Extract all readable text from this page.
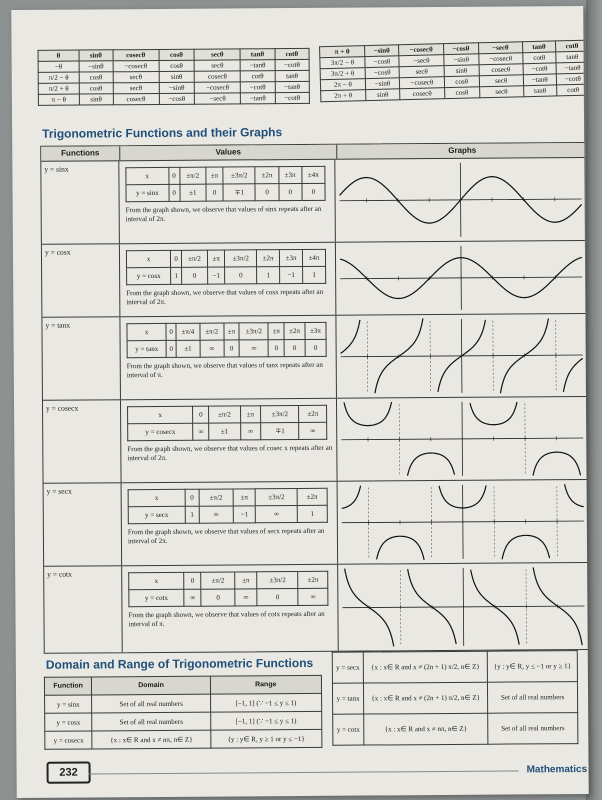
θ	sinθ	cosecθ	cosθ	secθ	tanθ	cotθ
−θ	−sinθ	−cosecθ	cosθ	secθ	−tanθ	−cotθ
π/2 − θ	cosθ	secθ	sinθ	cosecθ	cotθ	tanθ
π/2 + θ	cosθ	secθ	−sinθ	−cosecθ	−cotθ	−tanθ
π − θ	sinθ	cosecθ	−cosθ	−secθ	−tanθ	−cotθ
π + θ	−sinθ	−cosecθ	−cosθ	−secθ	tanθ	cotθ
3π/2 − θ	−cosθ	−secθ	−sinθ	−cosecθ	cotθ	tanθ
3π/2 + θ	−cosθ	secθ	sinθ	cosecθ	−cotθ	−tanθ
2π − θ	−sinθ	−cosecθ	cosθ	secθ	−tanθ	−cotθ
2π + θ	sinθ	cosecθ	cosθ	secθ	tanθ	cotθ
Trigonometric Functions and their Graphs
Functions	Values	Graphs
y = sinx
x	0	±π/2	±π	±3π/2	±2π	±3π	±4π
y = sinx	0	±1	0	∓1	0	0	0
From the graph shown, we observe that values of sinx repeats after an interval of 2π.
y = cosx
x	0	±π/2	±π	±3π/2	±2π	±3π	±4π
y = cosx	1	0	−1	0	1	−1	1
From the graph shown, we observe that values of cosx repeats after an interval of 2π.
y = tanx
x	0	±π/4	±π/2	±π	±3π/2	±π	±2π	±3π
y = tanx	0	±1	∞	0	∞	0	0	0
From the graph shown, we observe that values of tanx repeats after an interval of π.
y = cosecx
x	0	±π/2	±π	±3π/2	±2π
y = cosecx	∞	±1	∞	∓1	∞
From the graph shown, we observe that values of cosec x repeats after an interval of 2π.
y = secx
x	0	±π/2	±π	±3π/2	±2π
y = secx	1	∞	−1	∞	1
From the graph shown, we observe that values of secx repeats after an interval of 2π.
y = cotx
x	0	±π/2	±π	±3π/2	±2π
y = cotx	∞	0	∞	0	∞
From the graph shown, we observe that values of cotx repeats after an interval of π.
Domain and Range of Trigonometric Functions
Function	Domain	Range
y = sinx	Set of all real numbers	[−1, 1] (∵ −1 ≤ y ≤ 1)
y = cosx	Set of all real numbers	[−1, 1] (∵ −1 ≤ y ≤ 1)
y = cosecx	{x : x∈ R and x ≠ nπ, n∈ Z}	{y : y∈ R, y ≥ 1 or y ≤ −1}
y = secx	{x : x∈ R and x ≠ (2n + 1) π/2, n∈ Z}	{y : y∈ R, y ≤ −1 or y ≥ 1}
y = tanx	{x : x∈ R and x ≠ (2n + 1) π/2, n∈ Z}	Set of all real numbers
y = cotx	{x : x∈ R and x ≠ nπ, n∈ Z}	Set of all real numbers
232	Mathematics
